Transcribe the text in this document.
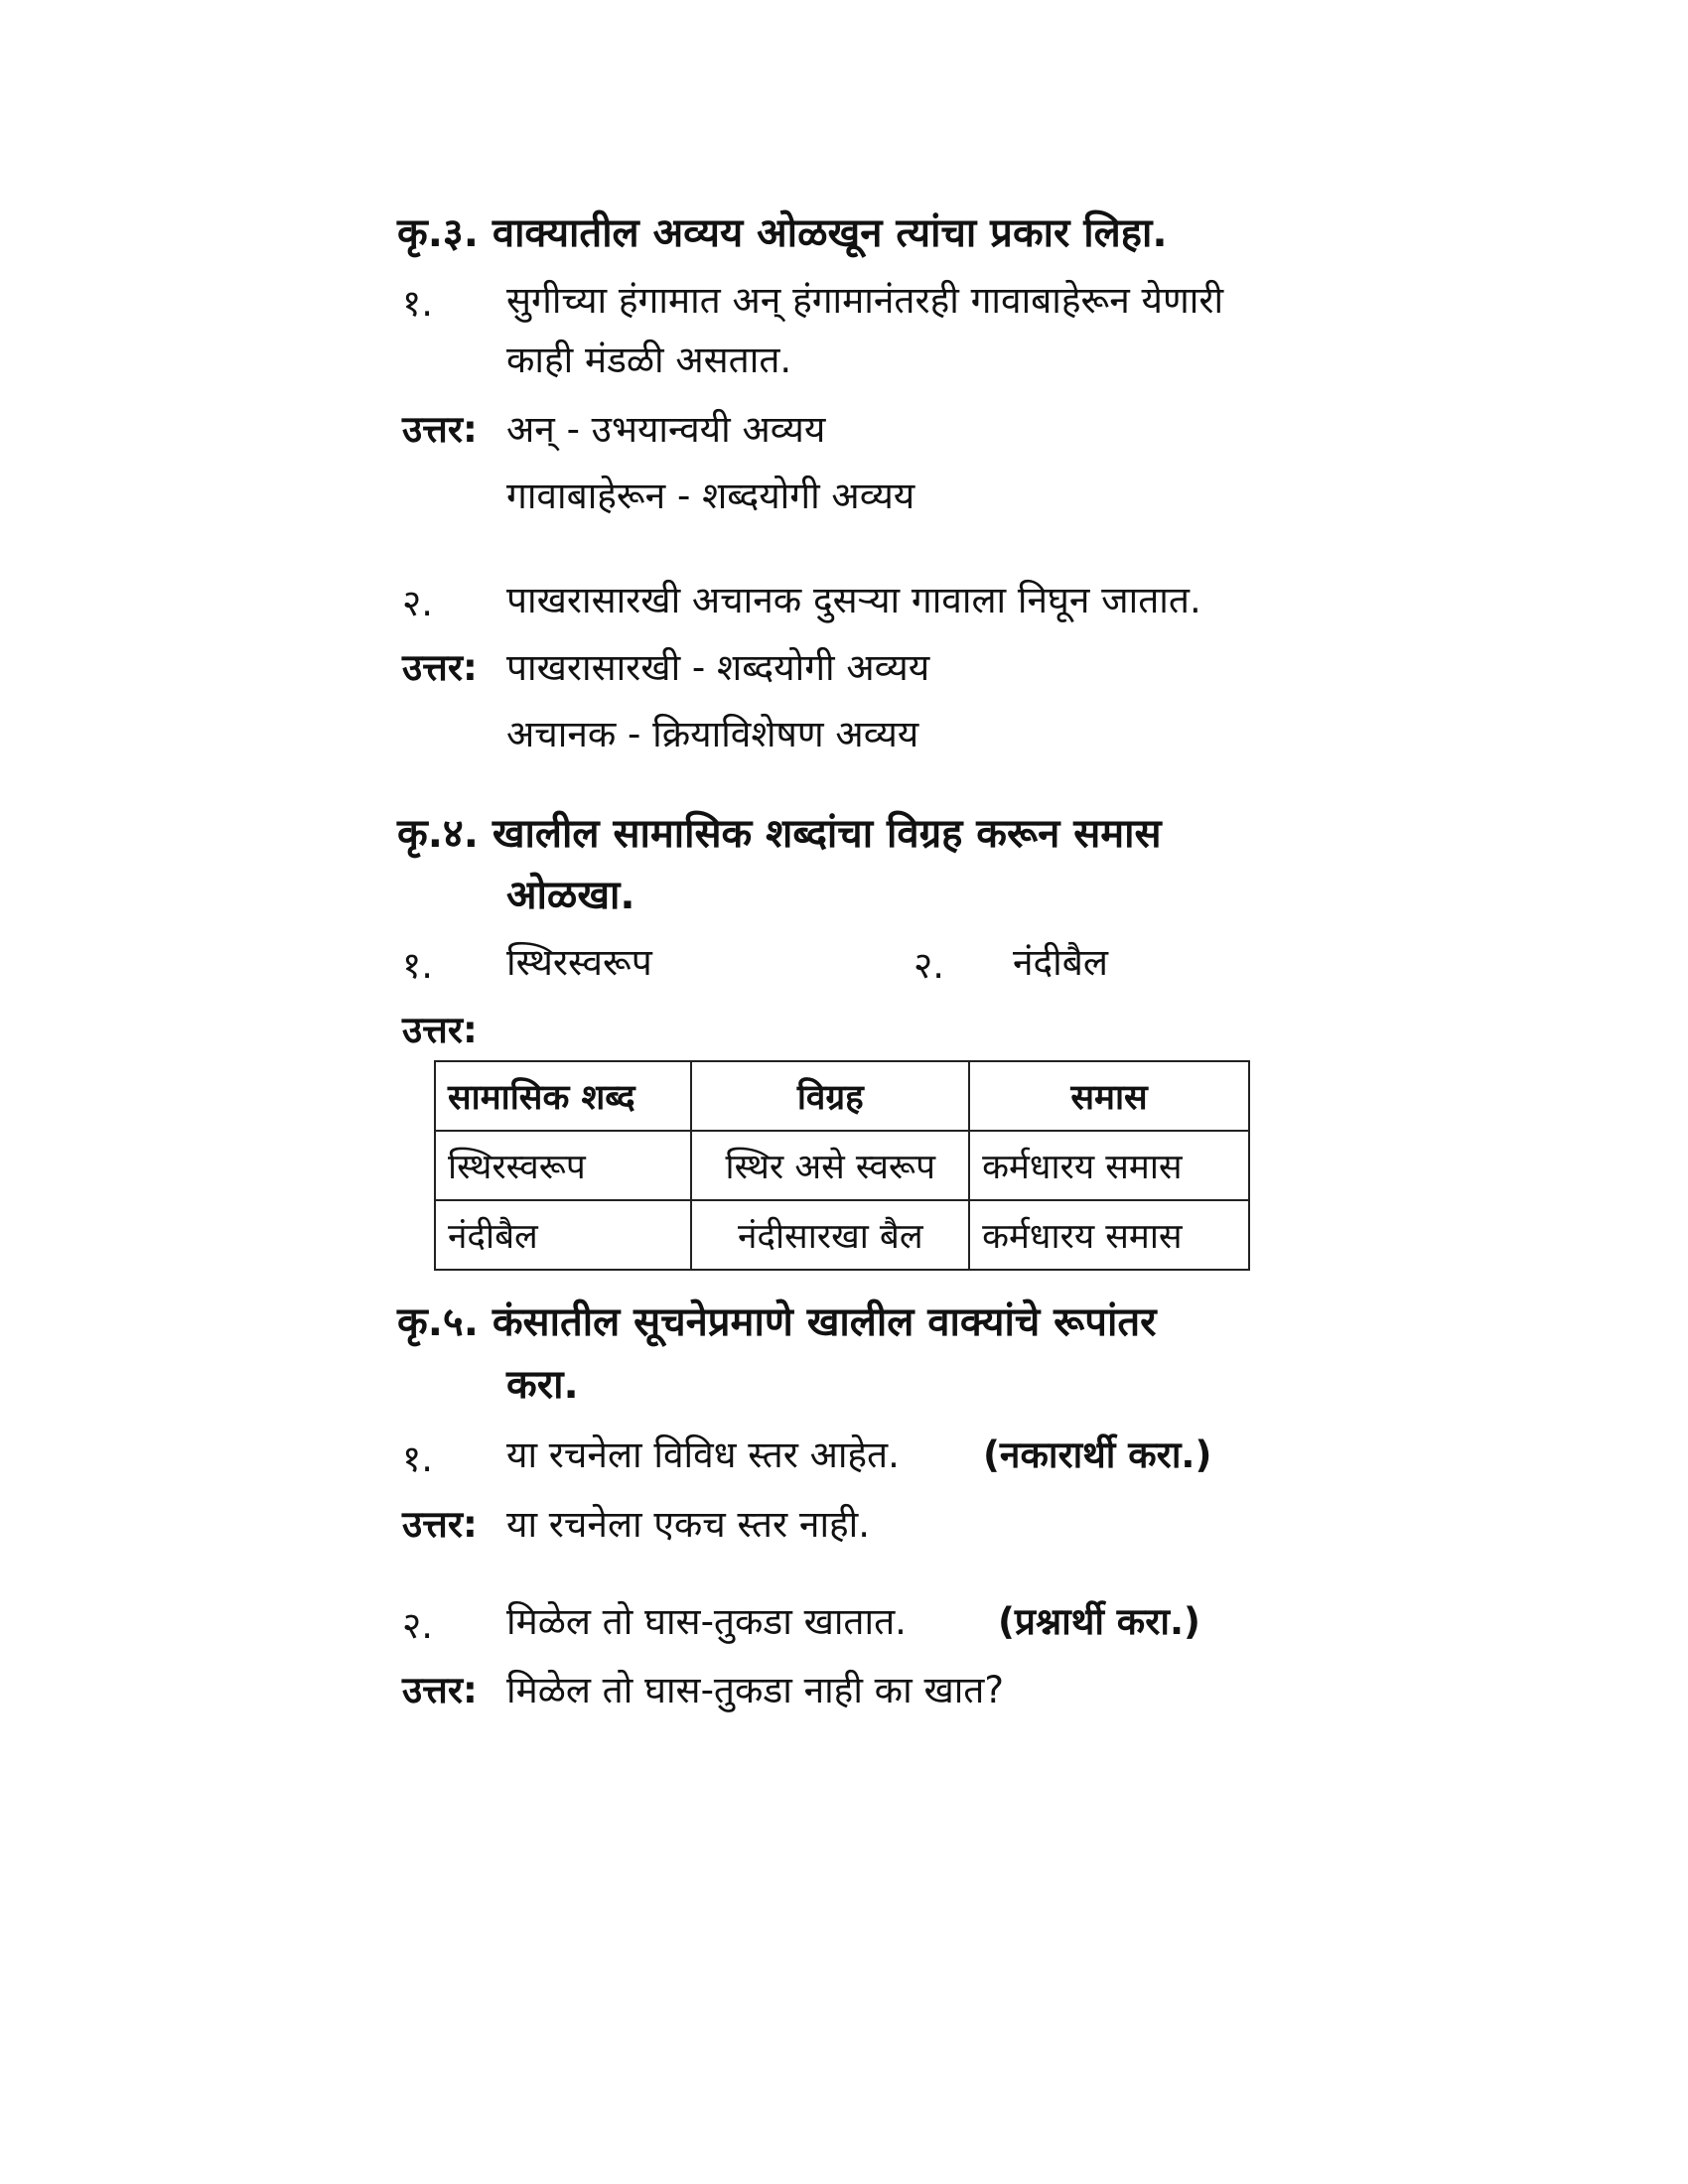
कृ.३. वाक्यातील अव्यय ओळखून त्यांचा प्रकार लिहा.
१. सुगीच्या हंगामात अन् हंगामानंतरही गावाबाहेरून येणारी
काही मंडळी असतात.
उत्तर: अन् - उभयान्वयी अव्यय
गावाबाहेरून - शब्दयोगी अव्यय
२. पाखरासारखी अचानक दुसऱ्या गावाला निघून जातात.
उत्तर: पाखरासारखी - शब्दयोगी अव्यय
अचानक - क्रियाविशेषण अव्यय
कृ.४. खालील सामासिक शब्दांचा विग्रह करून समास
ओळखा.
१. स्थिरस्वरूप	२. नंदीबैल
उत्तर:
सामासिक शब्द	विग्रह	समास
स्थिरस्वरूप	स्थिर असे स्वरूप	कर्मधारय समास
नंदीबैल	नंदीसारखा बैल	कर्मधारय समास
कृ.५. कंसातील सूचनेप्रमाणे खालील वाक्यांचे रूपांतर
करा.
१. या रचनेला विविध स्तर आहेत. (नकारार्थी करा.)
उत्तर: या रचनेला एकच स्तर नाही.
२. मिळेल तो घास-तुकडा खातात. (प्रश्नार्थी करा.)
उत्तर: मिळेल तो घास-तुकडा नाही का खात?
